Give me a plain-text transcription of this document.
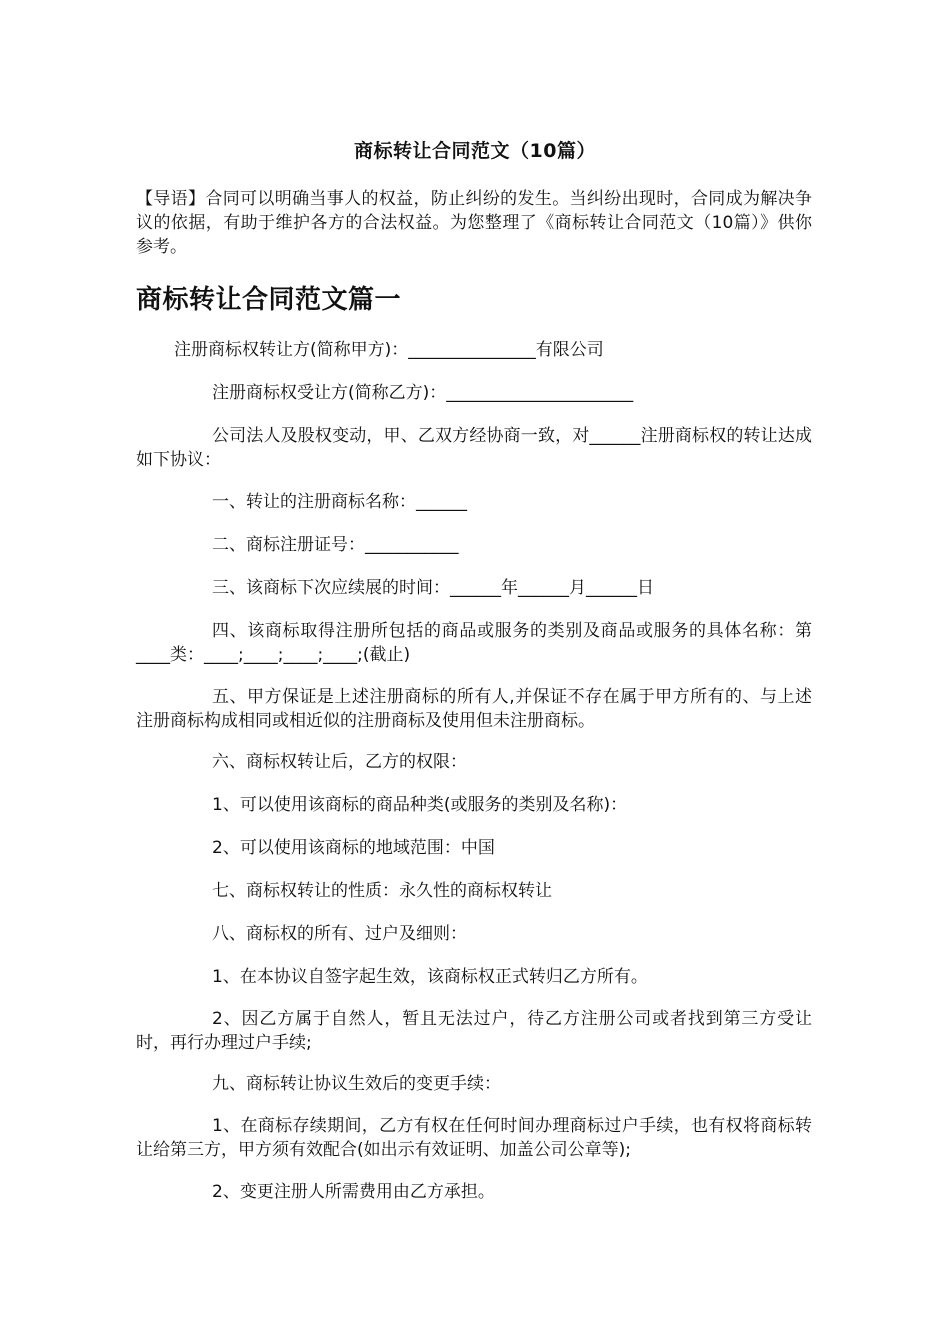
商标转让合同范文（10篇）
【导语】合同可以明确当事人的权益，防止纠纷的发生。当纠纷出现时，合同成为解决争议的依据，有助于维护各方的合法权益。为您整理了《商标转让合同范文（10篇）》供你参考。
商标转让合同范文篇一
注册商标权转让方(简称甲方)：_______________有限公司
注册商标权受让方(简称乙方)：______________________
公司法人及股权变动，甲、乙双方经协商一致，对______注册商标权的转让达成如下协议：
一、转让的注册商标名称：______
二、商标注册证号：___________
三、该商标下次应续展的时间：______年______月______日
四、该商标取得注册所包括的商品或服务的类别及商品或服务的具体名称：第____类：____;____;____;____;(截止)
五、甲方保证是上述注册商标的所有人,并保证不存在属于甲方所有的、与上述注册商标构成相同或相近似的注册商标及使用但未注册商标。
六、商标权转让后，乙方的权限：
1、可以使用该商标的商品种类(或服务的类别及名称)：
2、可以使用该商标的地域范围：中国
七、商标权转让的性质：永久性的商标权转让
八、商标权的所有、过户及细则：
1、在本协议自签字起生效，该商标权正式转归乙方所有。
2、因乙方属于自然人，暂且无法过户，待乙方注册公司或者找到第三方受让时，再行办理过户手续;
九、商标转让协议生效后的变更手续：
1、在商标存续期间，乙方有权在任何时间办理商标过户手续，也有权将商标转让给第三方，甲方须有效配合(如出示有效证明、加盖公司公章等);
2、变更注册人所需费用由乙方承担。
